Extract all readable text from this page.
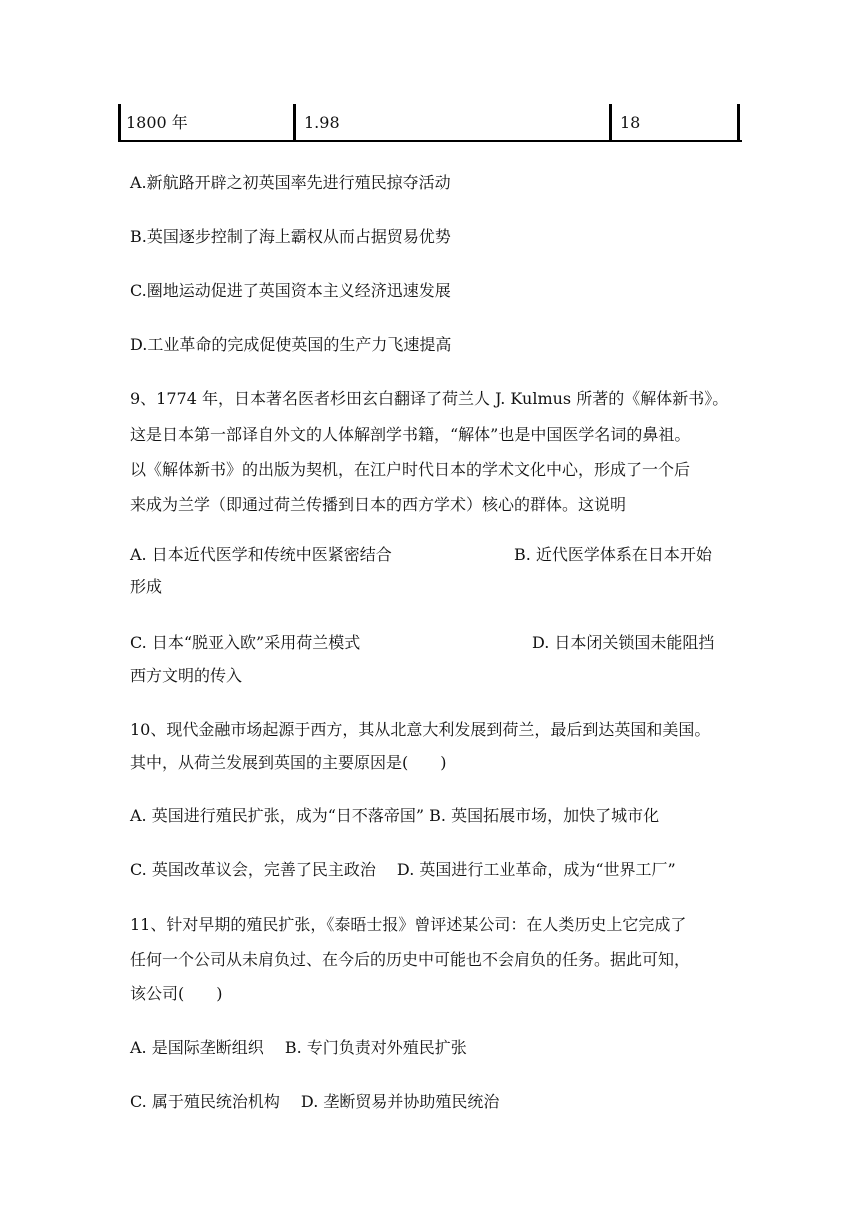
1800 年	1.98	18
A.新航路开辟之初英国率先进行殖民掠夺活动
B.英国逐步控制了海上霸权从而占据贸易优势
C.圈地运动促进了英国资本主义经济迅速发展
D.工业革命的完成促使英国的生产力飞速提高
9、1774 年，日本著名医者杉田玄白翻译了荷兰人 J. Kulmus 所著的《解体新书》。
这是日本第一部译自外文的人体解剖学书籍，“解体”也是中国医学名词的鼻祖。
以《解体新书》的出版为契机，在江户时代日本的学术文化中心，形成了一个后
来成为兰学（即通过荷兰传播到日本的西方学术）核心的群体。这说明
A. 日本近代医学和传统中医紧密结合	B. 近代医学体系在日本开始
形成
C. 日本“脱亚入欧”采用荷兰模式	D. 日本闭关锁国未能阻挡
西方文明的传入
10、现代金融市场起源于西方，其从北意大利发展到荷兰，最后到达英国和美国。
其中，从荷兰发展到英国的主要原因是(　　)
A. 英国进行殖民扩张，成为“日不落帝国” B. 英国拓展市场，加快了城市化
C. 英国改革议会，完善了民主政治　 D. 英国进行工业革命，成为“世界工厂”
11、针对早期的殖民扩张，《泰晤士报》曾评述某公司：在人类历史上它完成了
任何一个公司从未肩负过、在今后的历史中可能也不会肩负的任务。据此可知，
该公司(　　)
A. 是国际垄断组织　 B. 专门负责对外殖民扩张
C. 属于殖民统治机构　 D. 垄断贸易并协助殖民统治
